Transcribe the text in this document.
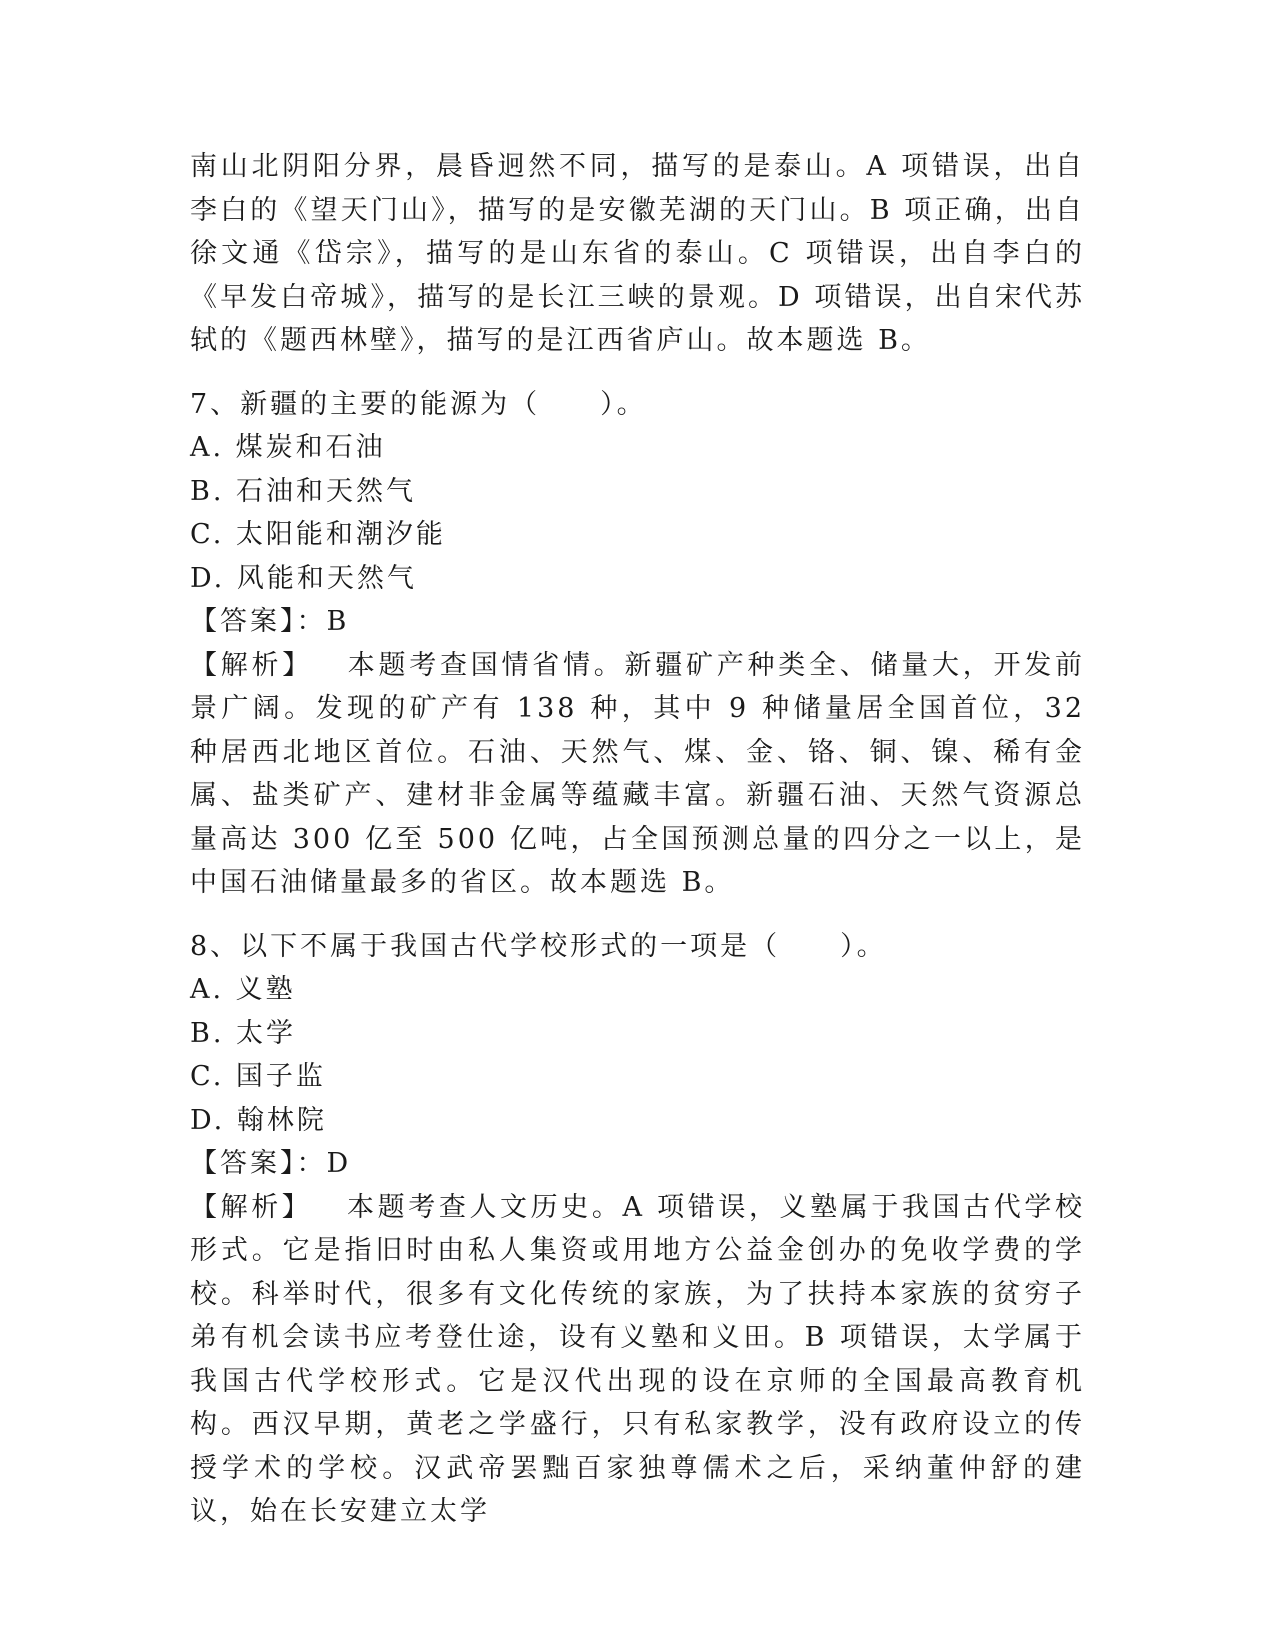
南山北阴阳分界，晨昏迥然不同，描写的是泰山。A 项错误，出自李白的《望天门山》，描写的是安徽芜湖的天门山。B 项正确，出自徐文通《岱宗》，描写的是山东省的泰山。C 项错误，出自李白的《早发白帝城》，描写的是长江三峡的景观。D 项错误，出自宋代苏轼的《题西林壁》，描写的是江西省庐山。故本题选 B。

7、新疆的主要的能源为（　　）。
A. 煤炭和石油
B. 石油和天然气
C. 太阳能和潮汐能
D. 风能和天然气
【答案】：B

【解析】 本题考查国情省情。新疆矿产种类全、储量大，开发前景广阔。发现的矿产有 138 种，其中 9 种储量居全国首位，32 种居西北地区首位。石油、天然气、煤、金、铬、铜、镍、稀有金属、盐类矿产、建材非金属等蕴藏丰富。新疆石油、天然气资源总量高达 300 亿至 500 亿吨，占全国预测总量的四分之一以上，是中国石油储量最多的省区。故本题选 B。

8、以下不属于我国古代学校形式的一项是（　　）。
A. 义塾
B. 太学
C. 国子监
D. 翰林院
【答案】：D

【解析】 本题考查人文历史。A 项错误，义塾属于我国古代学校形式。它是指旧时由私人集资或用地方公益金创办的免收学费的学校。科举时代，很多有文化传统的家族，为了扶持本家族的贫穷子弟有机会读书应考登仕途，设有义塾和义田。B 项错误，太学属于我国古代学校形式。它是汉代出现的设在京师的全国最高教育机构。西汉早期，黄老之学盛行，只有私家教学，没有政府设立的传授学术的学校。汉武帝罢黜百家独尊儒术之后，采纳董仲舒的建议，始在长安建立太学
